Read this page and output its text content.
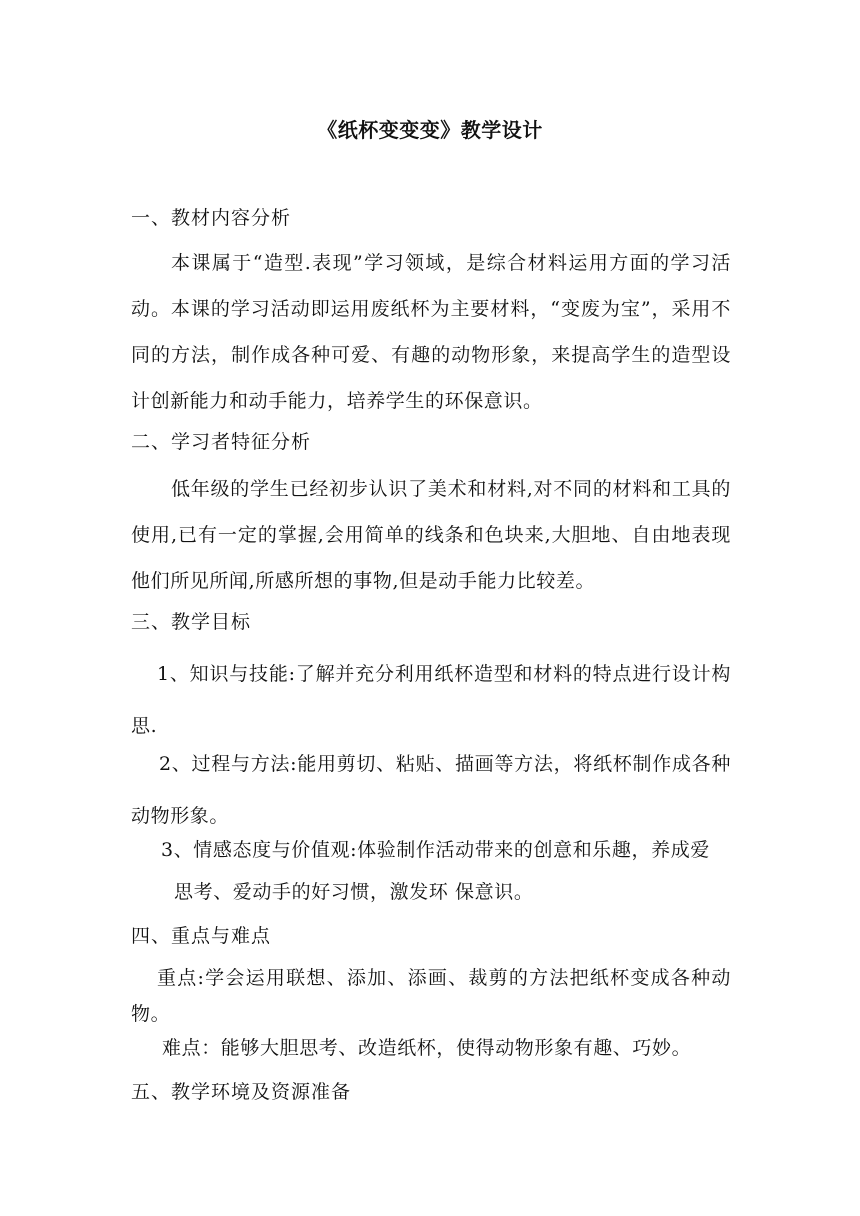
《纸杯变变变》教学设计
一、教材内容分析
本课属于“造型.表现”学习领域，是综合材料运用方面的学习活动。本课的学习活动即运用废纸杯为主要材料，“变废为宝”，采用不同的方法，制作成各种可爱、有趣的动物形象，来提高学生的造型设计创新能力和动手能力，培养学生的环保意识。
二、学习者特征分析
低年级的学生已经初步认识了美术和材料,对不同的材料和工具的使用,已有一定的掌握,会用简单的线条和色块来,大胆地、自由地表现他们所见所闻,所感所想的事物,但是动手能力比较差。
三、教学目标
1、知识与技能:了解并充分利用纸杯造型和材料的特点进行设计构思.
2、过程与方法:能用剪切、粘贴、描画等方法，将纸杯制作成各种动物形象。
3、情感态度与价值观:体验制作活动带来的创意和乐趣，养成爱
思考、爱动手的好习惯，激发环 保意识。
四、重点与难点
重点:学会运用联想、添加、添画、裁剪的方法把纸杯变成各种动物。
难点：能够大胆思考、改造纸杯，使得动物形象有趣、巧妙。
五、教学环境及资源准备
